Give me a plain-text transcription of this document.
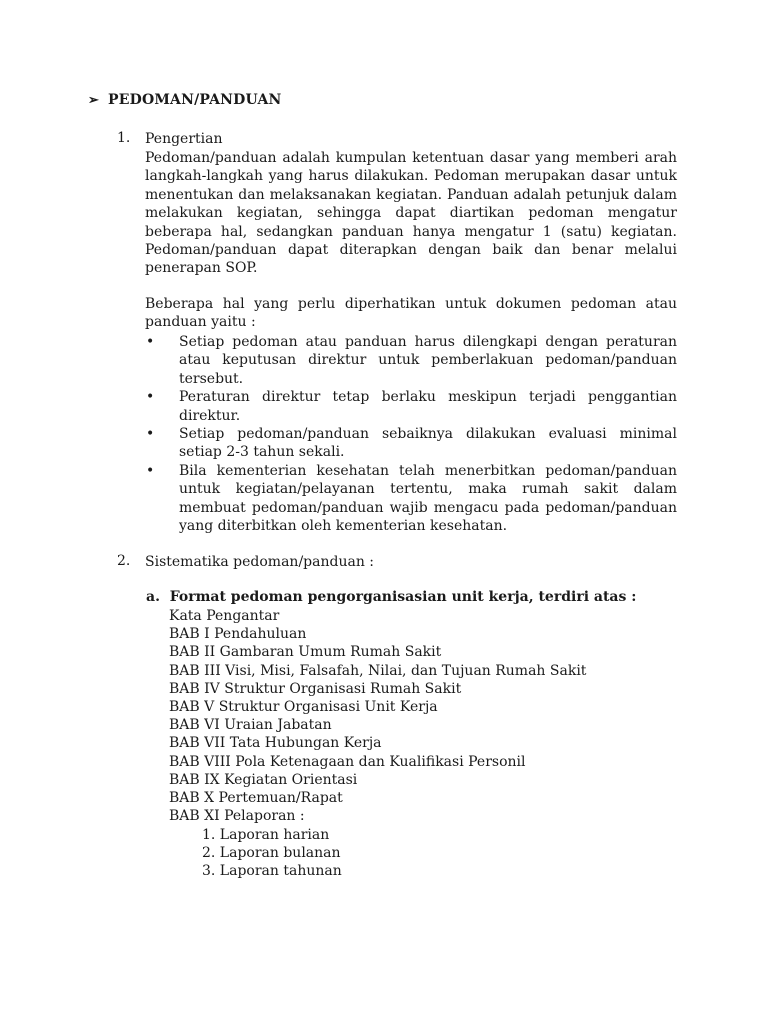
➢ PEDOMAN/PANDUAN
1. Pengertian
Pedoman/panduan adalah kumpulan ketentuan dasar yang memberi arah langkah-langkah yang harus dilakukan. Pedoman merupakan dasar untuk menentukan dan melaksanakan kegiatan. Panduan adalah petunjuk dalam melakukan kegiatan, sehingga dapat diartikan pedoman mengatur beberapa hal, sedangkan panduan hanya mengatur 1 (satu) kegiatan. Pedoman/panduan dapat diterapkan dengan baik dan benar melalui penerapan SOP.
Beberapa hal yang perlu diperhatikan untuk dokumen pedoman atau panduan yaitu :
• Setiap pedoman atau panduan harus dilengkapi dengan peraturan atau keputusan direktur untuk pemberlakuan pedoman/panduan tersebut.
• Peraturan direktur tetap berlaku meskipun terjadi penggantian direktur.
• Setiap pedoman/panduan sebaiknya dilakukan evaluasi minimal setiap 2-3 tahun sekali.
• Bila kementerian kesehatan telah menerbitkan pedoman/panduan untuk kegiatan/pelayanan tertentu, maka rumah sakit dalam membuat pedoman/panduan wajib mengacu pada pedoman/panduan yang diterbitkan oleh kementerian kesehatan.
2. Sistematika pedoman/panduan :
a.  Format pedoman pengorganisasian unit kerja, terdiri atas :
Kata Pengantar
BAB I Pendahuluan
BAB II Gambaran Umum Rumah Sakit
BAB III Visi, Misi, Falsafah, Nilai, dan Tujuan Rumah Sakit
BAB IV Struktur Organisasi Rumah Sakit
BAB V Struktur Organisasi Unit Kerja
BAB VI Uraian Jabatan
BAB VII Tata Hubungan Kerja
BAB VIII Pola Ketenagaan dan Kualifikasi Personil
BAB IX Kegiatan Orientasi
BAB X Pertemuan/Rapat
BAB XI Pelaporan :
1. Laporan harian
2. Laporan bulanan
3. Laporan tahunan
